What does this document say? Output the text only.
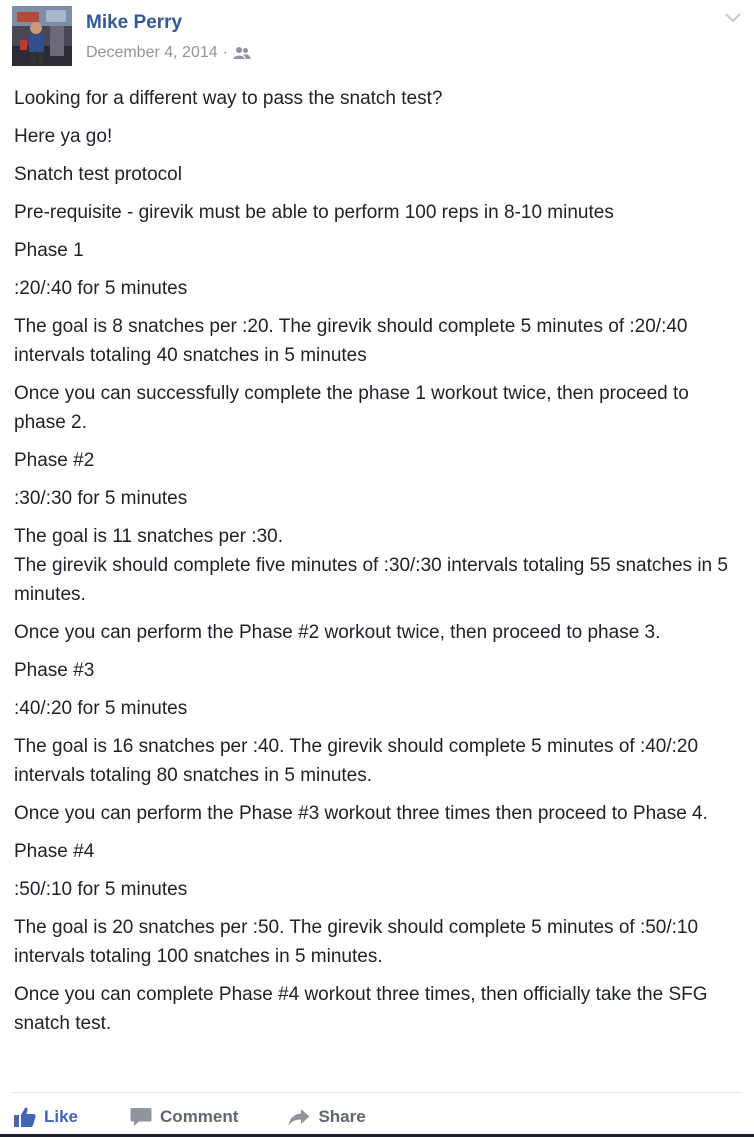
Mike Perry
December 4, 2014 ·

Looking for a different way to pass the snatch test?

Here ya go!

Snatch test protocol

Pre-requisite - girevik must be able to perform 100 reps in 8-10 minutes

Phase 1

:20/:40 for 5 minutes

The goal is 8 snatches per :20. The girevik should complete 5 minutes of :20/:40 intervals totaling 40 snatches in 5 minutes

Once you can successfully complete the phase 1 workout twice, then proceed to phase 2.

Phase #2

:30/:30 for 5 minutes

The goal is 11 snatches per :30.
The girevik should complete five minutes of :30/:30 intervals totaling 55 snatches in 5 minutes.

Once you can perform the Phase #2 workout twice, then proceed to phase 3.

Phase #3

:40/:20 for 5 minutes

The goal is 16 snatches per :40. The girevik should complete 5 minutes of :40/:20 intervals totaling 80 snatches in 5 minutes.

Once you can perform the Phase #3 workout three times then proceed to Phase 4.

Phase #4

:50/:10 for 5 minutes

The goal is 20 snatches per :50. The girevik should complete 5 minutes of :50/:10 intervals totaling 100 snatches in 5 minutes.

Once you can complete Phase #4 workout three times, then officially take the SFG snatch test.

Like	Comment	Share
